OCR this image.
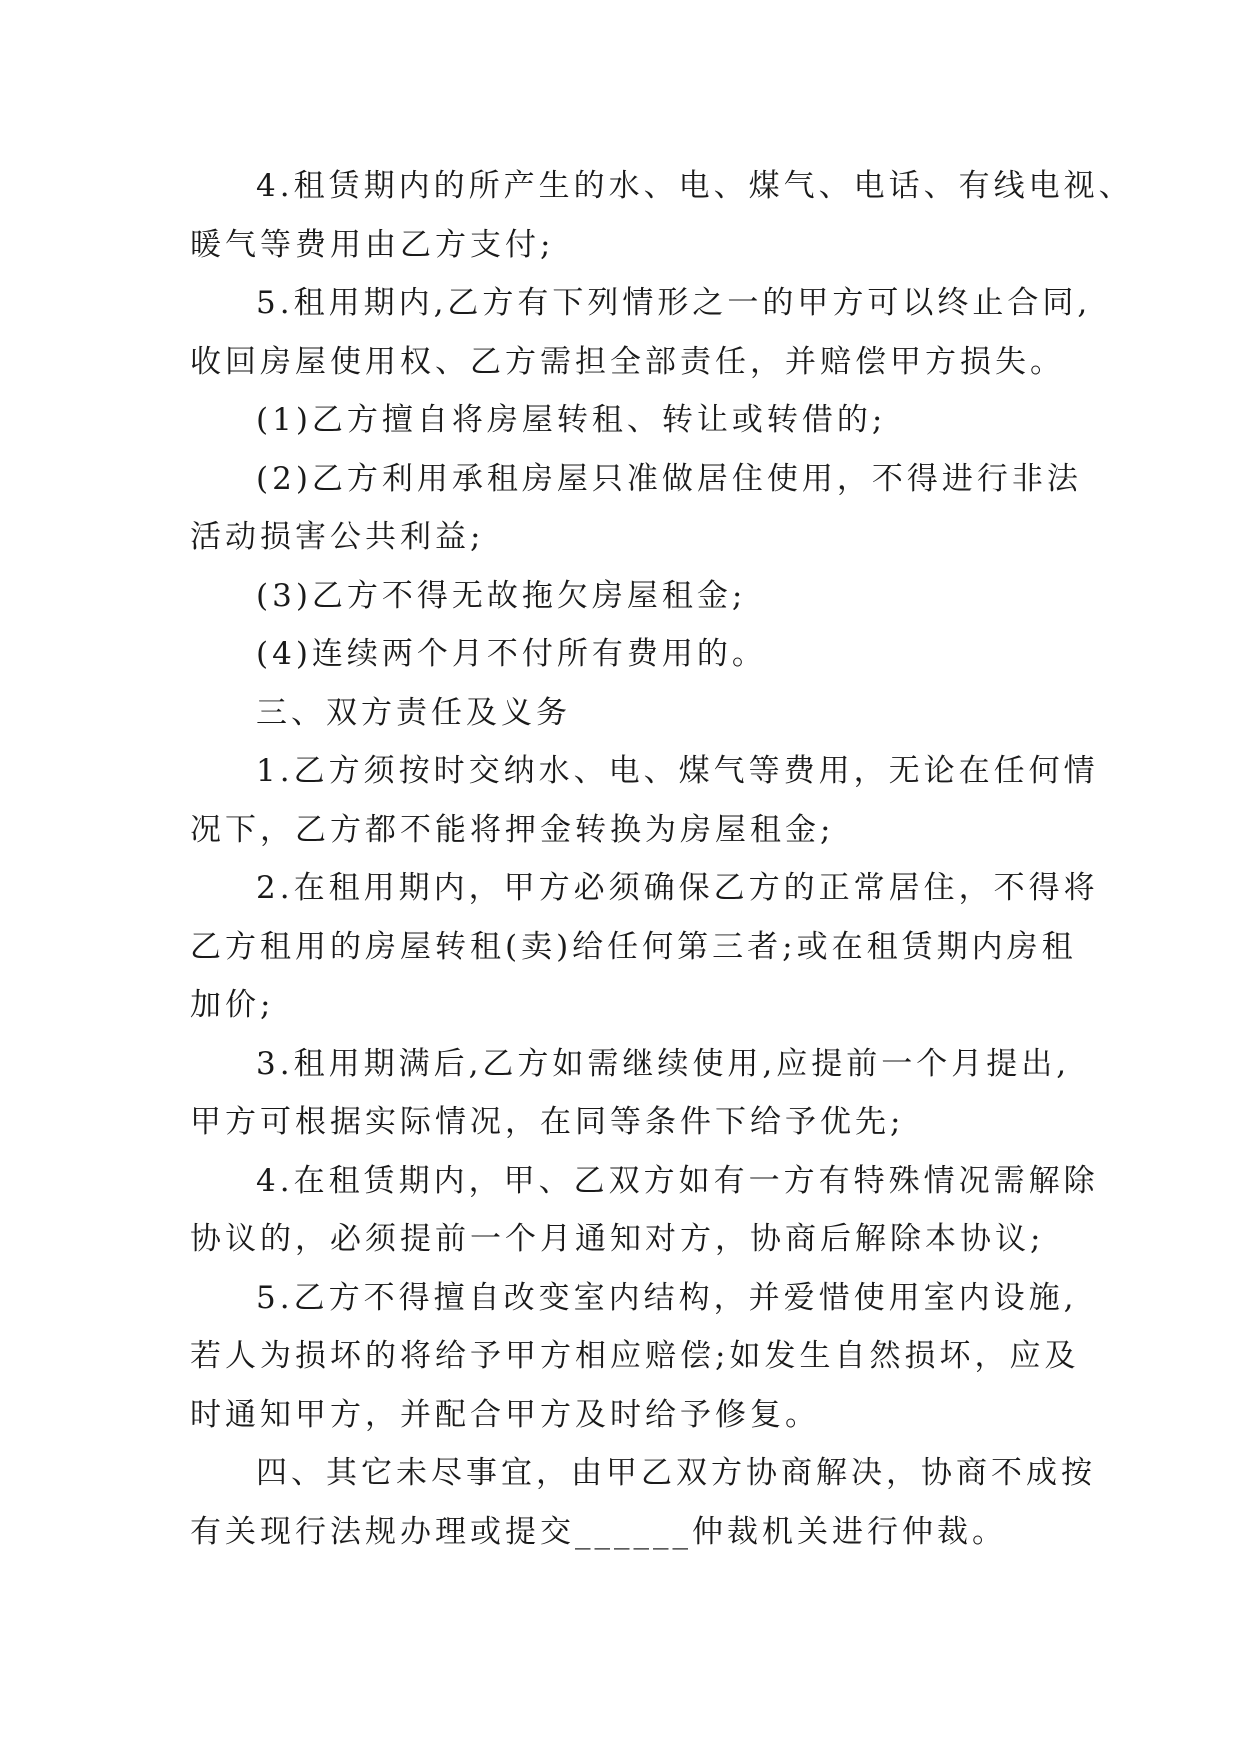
4.租赁期内的所产生的水、电、煤气、电话、有线电视、
暖气等费用由乙方支付;
5.租用期内,乙方有下列情形之一的甲方可以终止合同,
收回房屋使用权、乙方需担全部责任，并赔偿甲方损失。
(1)乙方擅自将房屋转租、转让或转借的;
(2)乙方利用承租房屋只准做居住使用，不得进行非法
活动损害公共利益;
(3)乙方不得无故拖欠房屋租金;
(4)连续两个月不付所有费用的。
三、双方责任及义务
1.乙方须按时交纳水、电、煤气等费用，无论在任何情
况下，乙方都不能将押金转换为房屋租金;
2.在租用期内，甲方必须确保乙方的正常居住，不得将
乙方租用的房屋转租(卖)给任何第三者;或在租赁期内房租
加价;
3.租用期满后,乙方如需继续使用,应提前一个月提出,
甲方可根据实际情况，在同等条件下给予优先;
4.在租赁期内，甲、乙双方如有一方有特殊情况需解除
协议的，必须提前一个月通知对方，协商后解除本协议;
5.乙方不得擅自改变室内结构，并爱惜使用室内设施,
若人为损坏的将给予甲方相应赔偿;如发生自然损坏，应及
时通知甲方，并配合甲方及时给予修复。
四、其它未尽事宜，由甲乙双方协商解决，协商不成按
有关现行法规办理或提交______仲裁机关进行仲裁。
